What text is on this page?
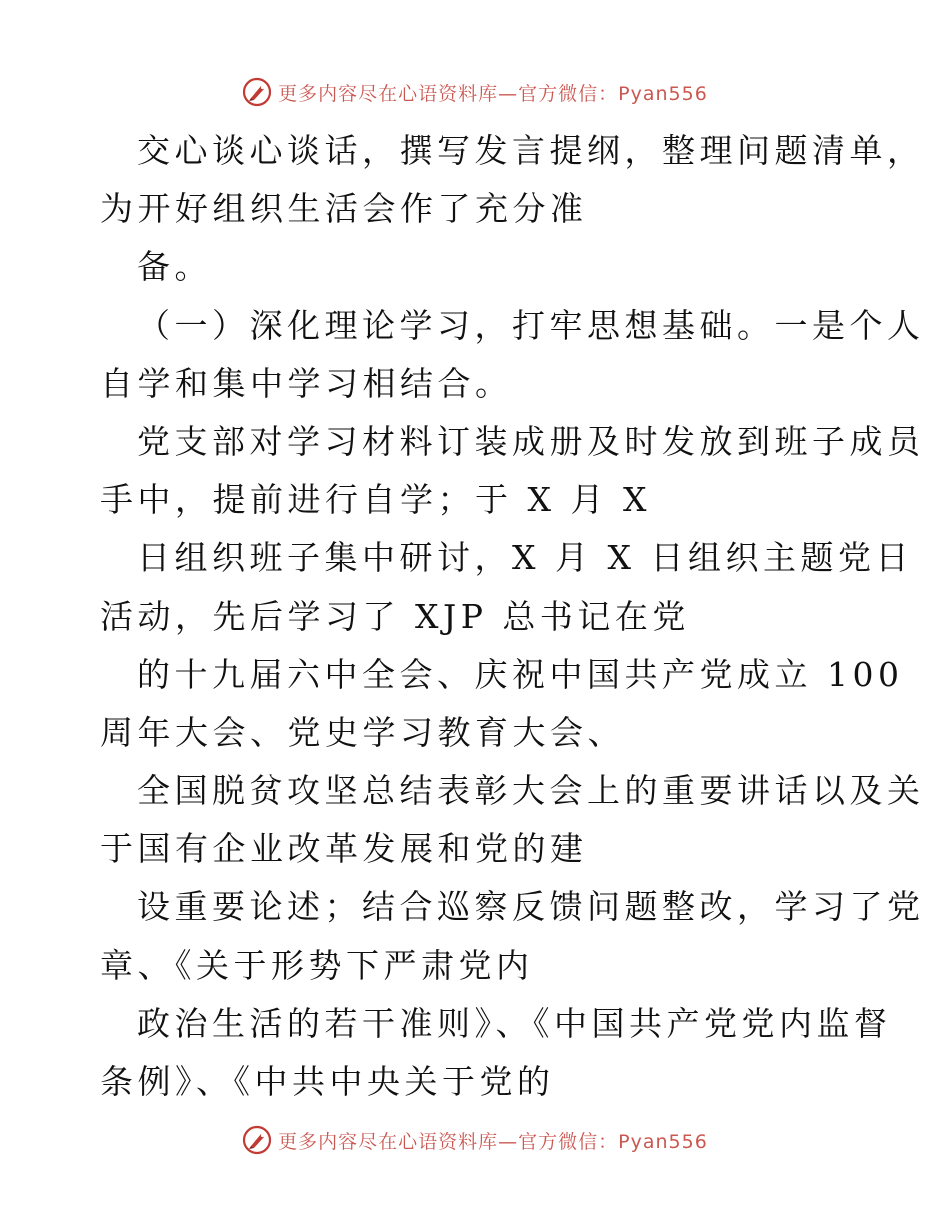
更多内容尽在心语资料库—官方微信：Pyan556
交心谈心谈话，撰写发言提纲，整理问题清单，
为开好组织生活会作了充分准
备。
（一）深化理论学习，打牢思想基础。一是个人
自学和集中学习相结合。
党支部对学习材料订装成册及时发放到班子成员
手中，提前进行自学；于 X 月 X
日组织班子集中研讨，X 月 X 日组织主题党日
活动，先后学习了 XJP 总书记在党
的十九届六中全会、庆祝中国共产党成立 100
周年大会、党史学习教育大会、
全国脱贫攻坚总结表彰大会上的重要讲话以及关
于国有企业改革发展和党的建
设重要论述；结合巡察反馈问题整改，学习了党
章、《关于形势下严肃党内
政治生活的若干准则》、《中国共产党党内监督
条例》、《中共中央关于党的
更多内容尽在心语资料库—官方微信：Pyan556
